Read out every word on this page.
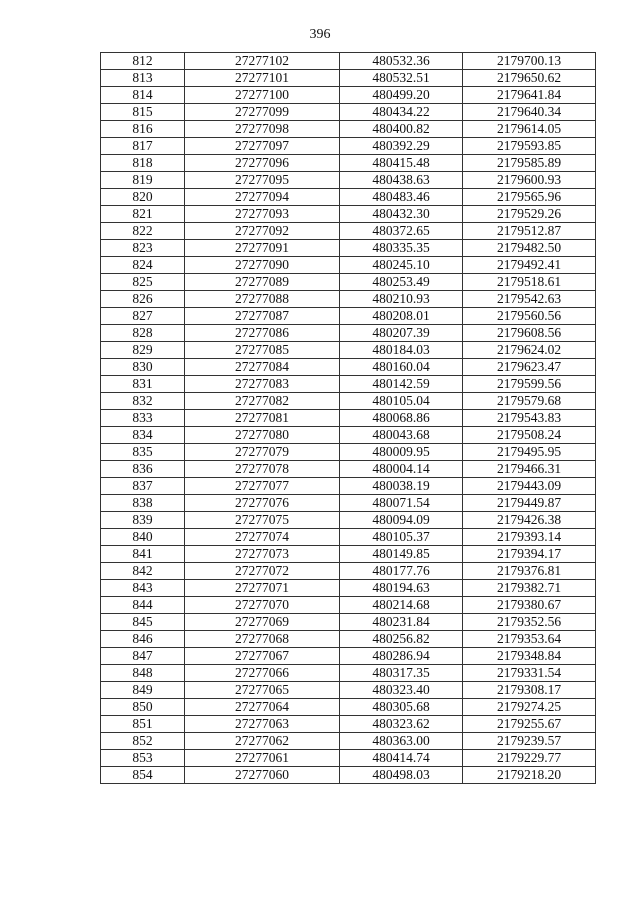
396
812	27277102	480532.36	2179700.13
813	27277101	480532.51	2179650.62
814	27277100	480499.20	2179641.84
815	27277099	480434.22	2179640.34
816	27277098	480400.82	2179614.05
817	27277097	480392.29	2179593.85
818	27277096	480415.48	2179585.89
819	27277095	480438.63	2179600.93
820	27277094	480483.46	2179565.96
821	27277093	480432.30	2179529.26
822	27277092	480372.65	2179512.87
823	27277091	480335.35	2179482.50
824	27277090	480245.10	2179492.41
825	27277089	480253.49	2179518.61
826	27277088	480210.93	2179542.63
827	27277087	480208.01	2179560.56
828	27277086	480207.39	2179608.56
829	27277085	480184.03	2179624.02
830	27277084	480160.04	2179623.47
831	27277083	480142.59	2179599.56
832	27277082	480105.04	2179579.68
833	27277081	480068.86	2179543.83
834	27277080	480043.68	2179508.24
835	27277079	480009.95	2179495.95
836	27277078	480004.14	2179466.31
837	27277077	480038.19	2179443.09
838	27277076	480071.54	2179449.87
839	27277075	480094.09	2179426.38
840	27277074	480105.37	2179393.14
841	27277073	480149.85	2179394.17
842	27277072	480177.76	2179376.81
843	27277071	480194.63	2179382.71
844	27277070	480214.68	2179380.67
845	27277069	480231.84	2179352.56
846	27277068	480256.82	2179353.64
847	27277067	480286.94	2179348.84
848	27277066	480317.35	2179331.54
849	27277065	480323.40	2179308.17
850	27277064	480305.68	2179274.25
851	27277063	480323.62	2179255.67
852	27277062	480363.00	2179239.57
853	27277061	480414.74	2179229.77
854	27277060	480498.03	2179218.20
